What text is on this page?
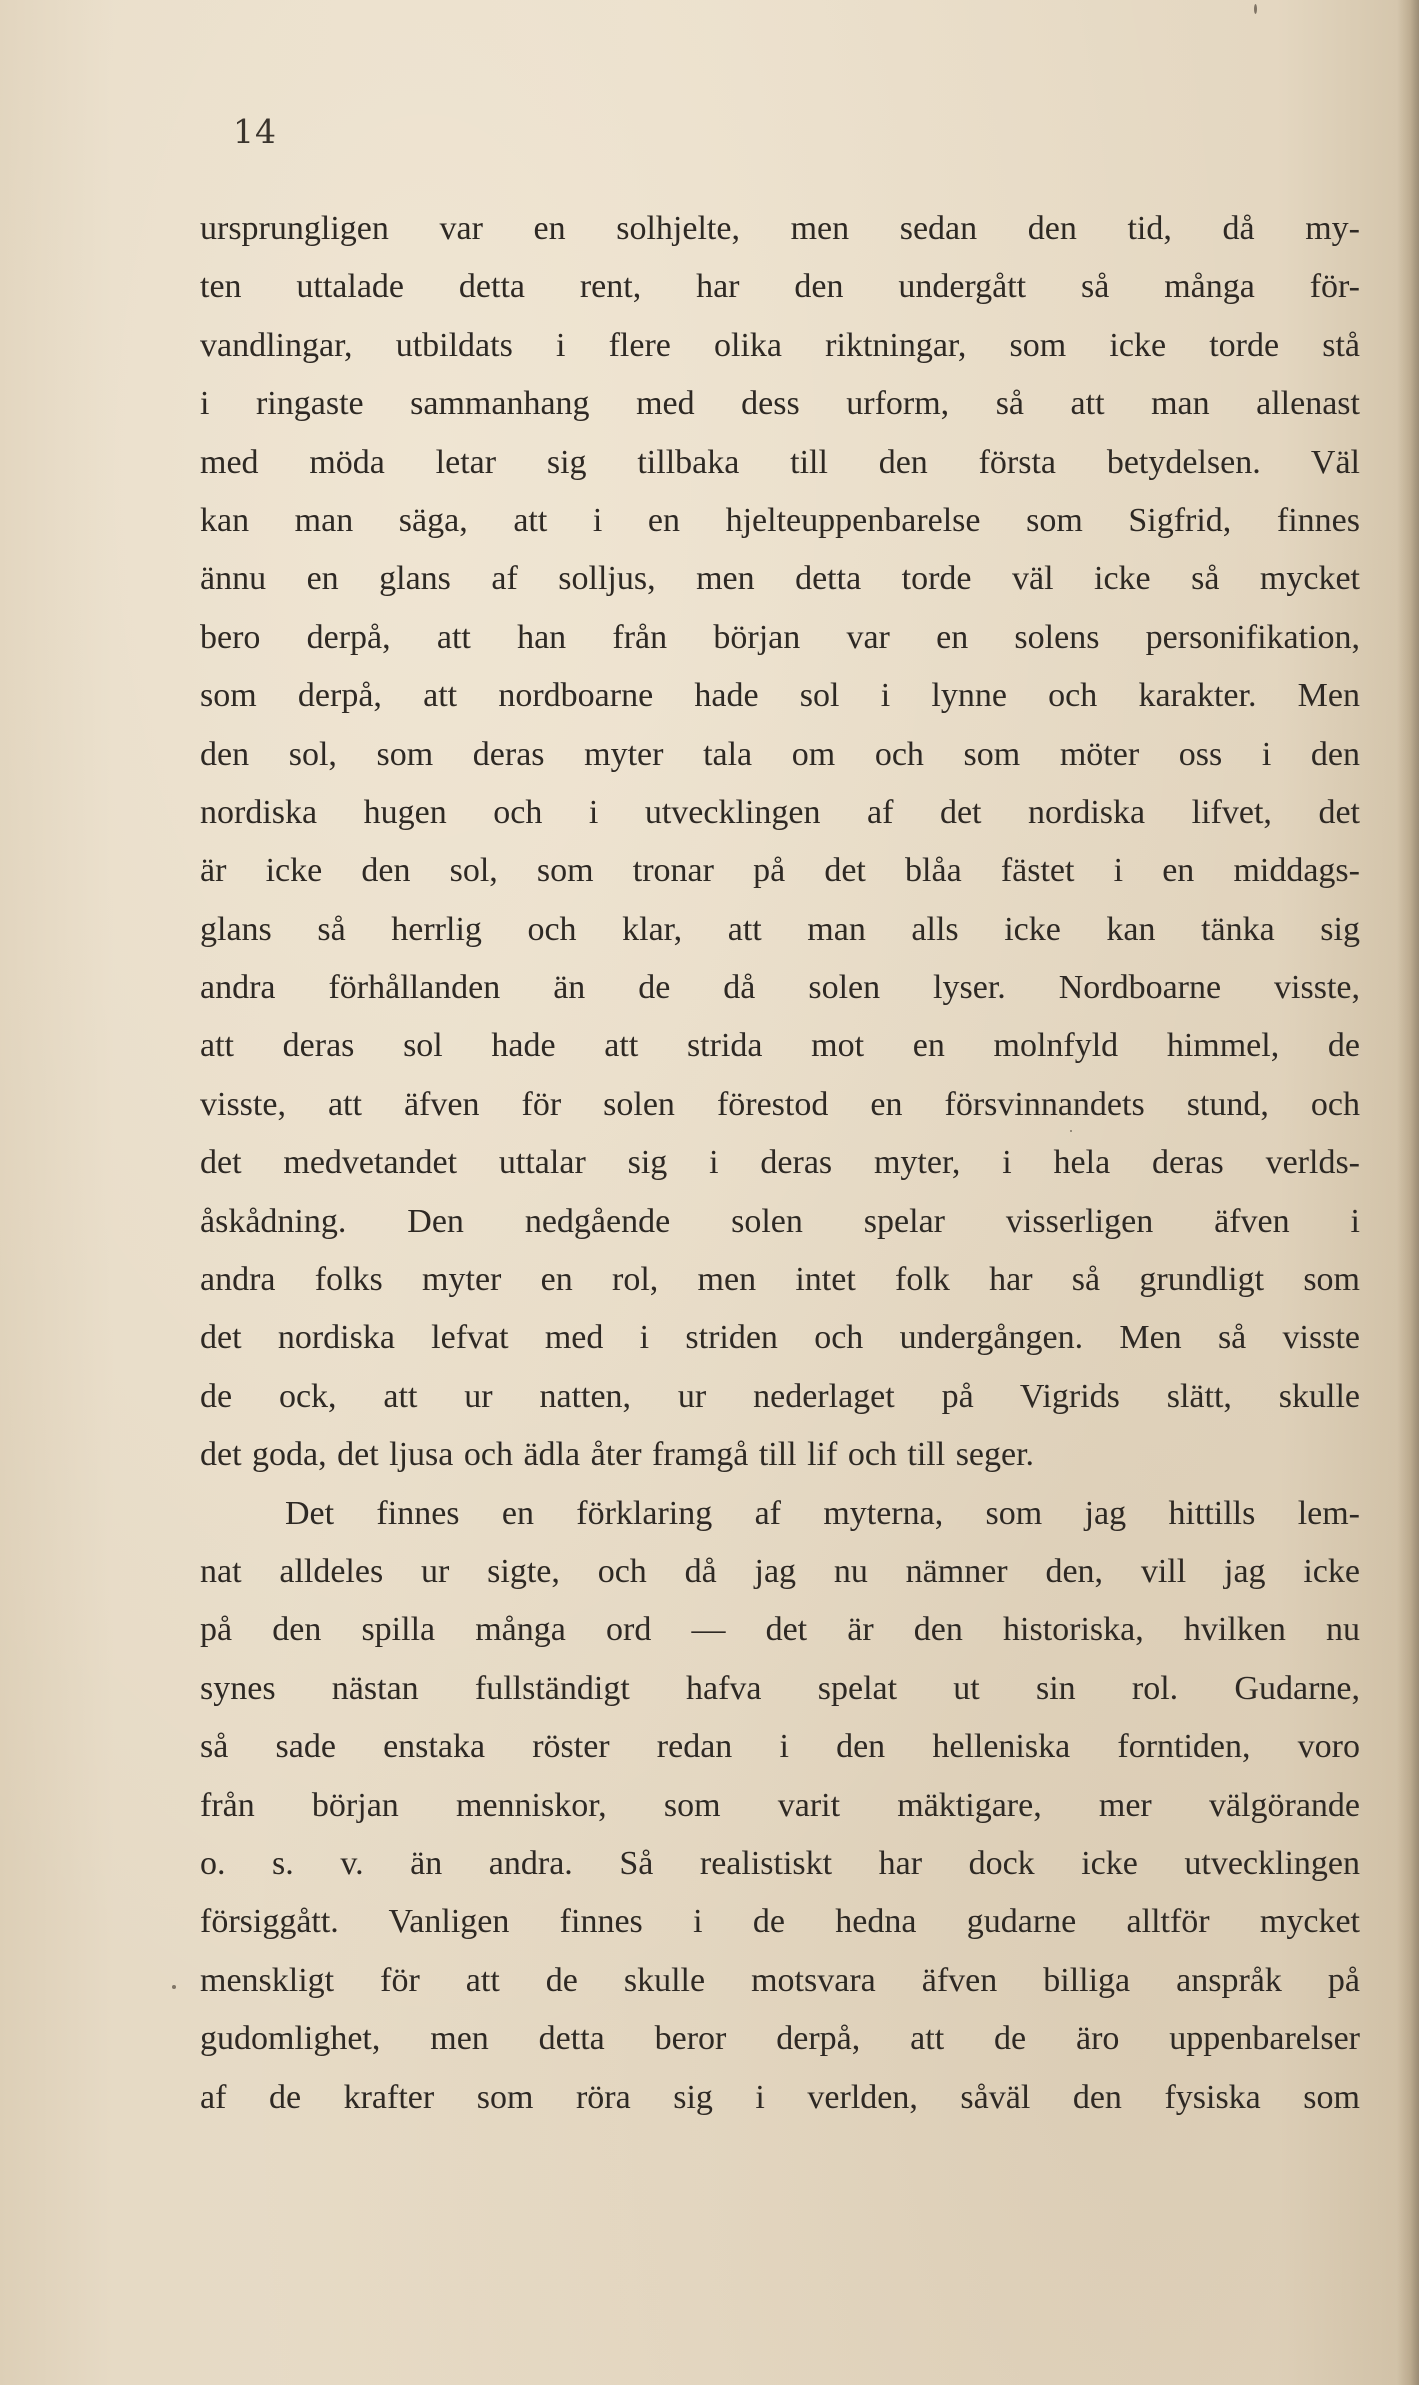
14
ursprungligen var en solhjelte, men sedan den tid, då my-
ten uttalade detta rent, har den undergått så många för-
vandlingar, utbildats i flere olika riktningar, som icke torde stå
i ringaste sammanhang med dess urform, så att man allenast
med möda letar sig tillbaka till den första betydelsen. Väl
kan man säga, att i en hjelteuppenbarelse som Sigfrid, finnes
ännu en glans af solljus, men detta torde väl icke så mycket
bero derpå, att han från början var en solens personifikation,
som derpå, att nordboarne hade sol i lynne och karakter. Men
den sol, som deras myter tala om och som möter oss i den
nordiska hugen och i utvecklingen af det nordiska lifvet, det
är icke den sol, som tronar på det blåa fästet i en middags-
glans så herrlig och klar, att man alls icke kan tänka sig
andra förhållanden än de då solen lyser. Nordboarne visste,
att deras sol hade att strida mot en molnfyld himmel, de
visste, att äfven för solen förestod en försvinnandets stund, och
det medvetandet uttalar sig i deras myter, i hela deras verlds-
åskådning. Den nedgående solen spelar visserligen äfven i
andra folks myter en rol, men intet folk har så grundligt som
det nordiska lefvat med i striden och undergången. Men så visste
de ock, att ur natten, ur nederlaget på Vigrids slätt, skulle
det goda, det ljusa och ädla åter framgå till lif och till seger.
Det finnes en förklaring af myterna, som jag hittills lem-
nat alldeles ur sigte, och då jag nu nämner den, vill jag icke
på den spilla många ord — det är den historiska, hvilken nu
synes nästan fullständigt hafva spelat ut sin rol. Gudarne,
så sade enstaka röster redan i den helleniska forntiden, voro
från början menniskor, som varit mäktigare, mer välgörande
o. s. v. än andra. Så realistiskt har dock icke utvecklingen
försiggått. Vanligen finnes i de hedna gudarne alltför mycket
menskligt för att de skulle motsvara äfven billiga anspråk på
gudomlighet, men detta beror derpå, att de äro uppenbarelser
af de krafter som röra sig i verlden, såväl den fysiska som
